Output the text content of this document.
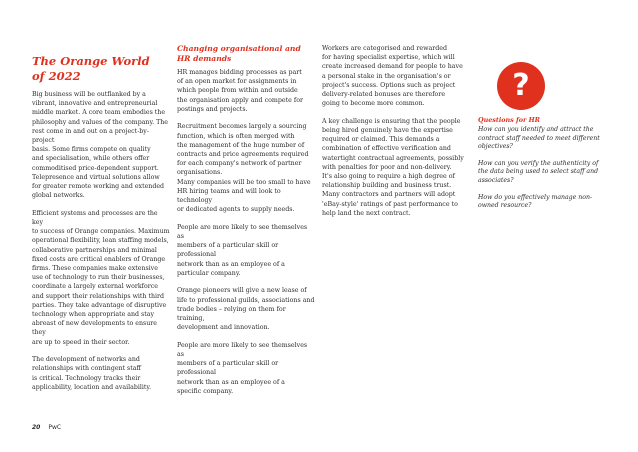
The Orange World
of 2022
Big business will be outflanked by a
vibrant, innovative and entrepreneurial
middle market. A core team embodies the
philosophy and values of the company. The
rest come in and out on a project-by-project
basis. Some firms compete on quality
and specialisation, while others offer
commoditised price-dependent support.
Telepresence and virtual solutions allow
for greater remote working and extended
global networks.
Efficient systems and processes are the key
to success of Orange companies. Maximum
operational flexibility, lean staffing models,
collaborative partnerships and minimal
fixed costs are critical enablers of Orange
firms. These companies make extensive
use of technology to run their businesses,
coordinate a largely external workforce
and support their relationships with third
parties. They take advantage of disruptive
technology when appropriate and stay
abreast of new developments to ensure they
are up to speed in their sector.
The development of networks and
relationships with contingent staff
is critical. Technology tracks their
applicability, location and availability.
Changing organisational and
HR demands
HR manages bidding processes as part
of an open market for assignments in
which people from within and outside
the organisation apply and compete for
postings and projects.
Recruitment becomes largely a sourcing
function, which is often merged with
the management of the huge number of
contracts and price agreements required
for each company's network of partner
organisations.
Many companies will be too small to have
HR hiring teams and will look to technology
or dedicated agents to supply needs.
People are more likely to see themselves as
members of a particular skill or professional
network than as an employee of a
particular company.
Orange pioneers will give a new lease of
life to professional guilds, associations and
trade bodies – relying on them for training,
development and innovation.
People are more likely to see themselves as
members of a particular skill or professional
network than as an employee of a
specific company.
Workers are categorised and rewarded
for having specialist expertise, which will
create increased demand for people to have
a personal stake in the organisation's or
project's success. Options such as project
delivery-related bonuses are therefore
going to become more common.
A key challenge is ensuring that the people
being hired genuinely have the expertise
required or claimed. This demands a
combination of effective verification and
watertight contractual agreements, possibly
with penalties for poor and non-delivery.
It's also going to require a high degree of
relationship building and business trust.
Many contractors and partners will adopt
'eBay-style' ratings of past performance to
help land the next contract.
?
Questions for HR
How can you identify and attract the
contract staff needed to meet different
objectives?
How can you verify the authenticity of
the data being used to select staff and
associates?
How do you effectively manage non-
owned resource?
20 PwC
